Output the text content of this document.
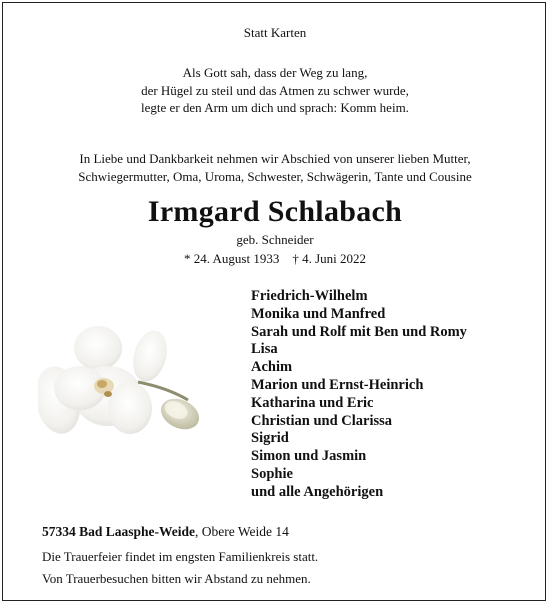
Statt Karten
Als Gott sah, dass der Weg zu lang,
der Hügel zu steil und das Atmen zu schwer wurde,
legte er den Arm um dich und sprach: Komm heim.
In Liebe und Dankbarkeit nehmen wir Abschied von unserer lieben Mutter,
Schwiegermutter, Oma, Uroma, Schwester, Schwägerin, Tante und Cousine
Irmgard Schlabach
geb. Schneider
* 24. August 1933    † 4. Juni 2022
Friedrich-Wilhelm
Monika und Manfred
Sarah und Rolf mit Ben und Romy
Lisa
Achim
Marion und Ernst-Heinrich
Katharina und Eric
Christian und Clarissa
Sigrid
Simon und Jasmin
Sophie
und alle Angehörigen
57334 Bad Laasphe-Weide, Obere Weide 14
Die Trauerfeier findet im engsten Familienkreis statt.
Von Trauerbesuchen bitten wir Abstand zu nehmen.
